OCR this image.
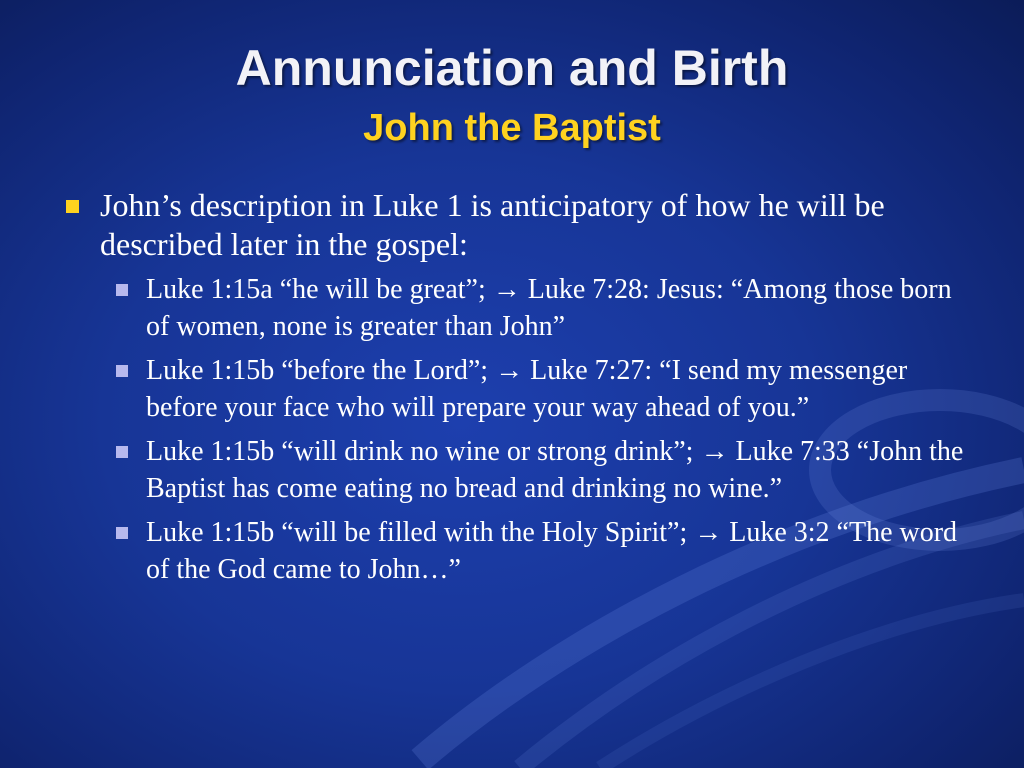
Annunciation and Birth
John the Baptist
John’s description in Luke 1 is anticipatory of how he will be described later in the gospel:
Luke 1:15a “he will be great”; → Luke 7:28: Jesus: “Among those born of women, none is greater than John”
Luke 1:15b “before the Lord”; → Luke 7:27: “I send my messenger before your face who will prepare your way ahead of you.”
Luke 1:15b “will drink no wine or strong drink”; → Luke 7:33 “John the Baptist has come eating no bread and drinking no wine.”
Luke 1:15b “will be filled with the Holy Spirit”; → Luke 3:2 “The word of the God came to John…”
